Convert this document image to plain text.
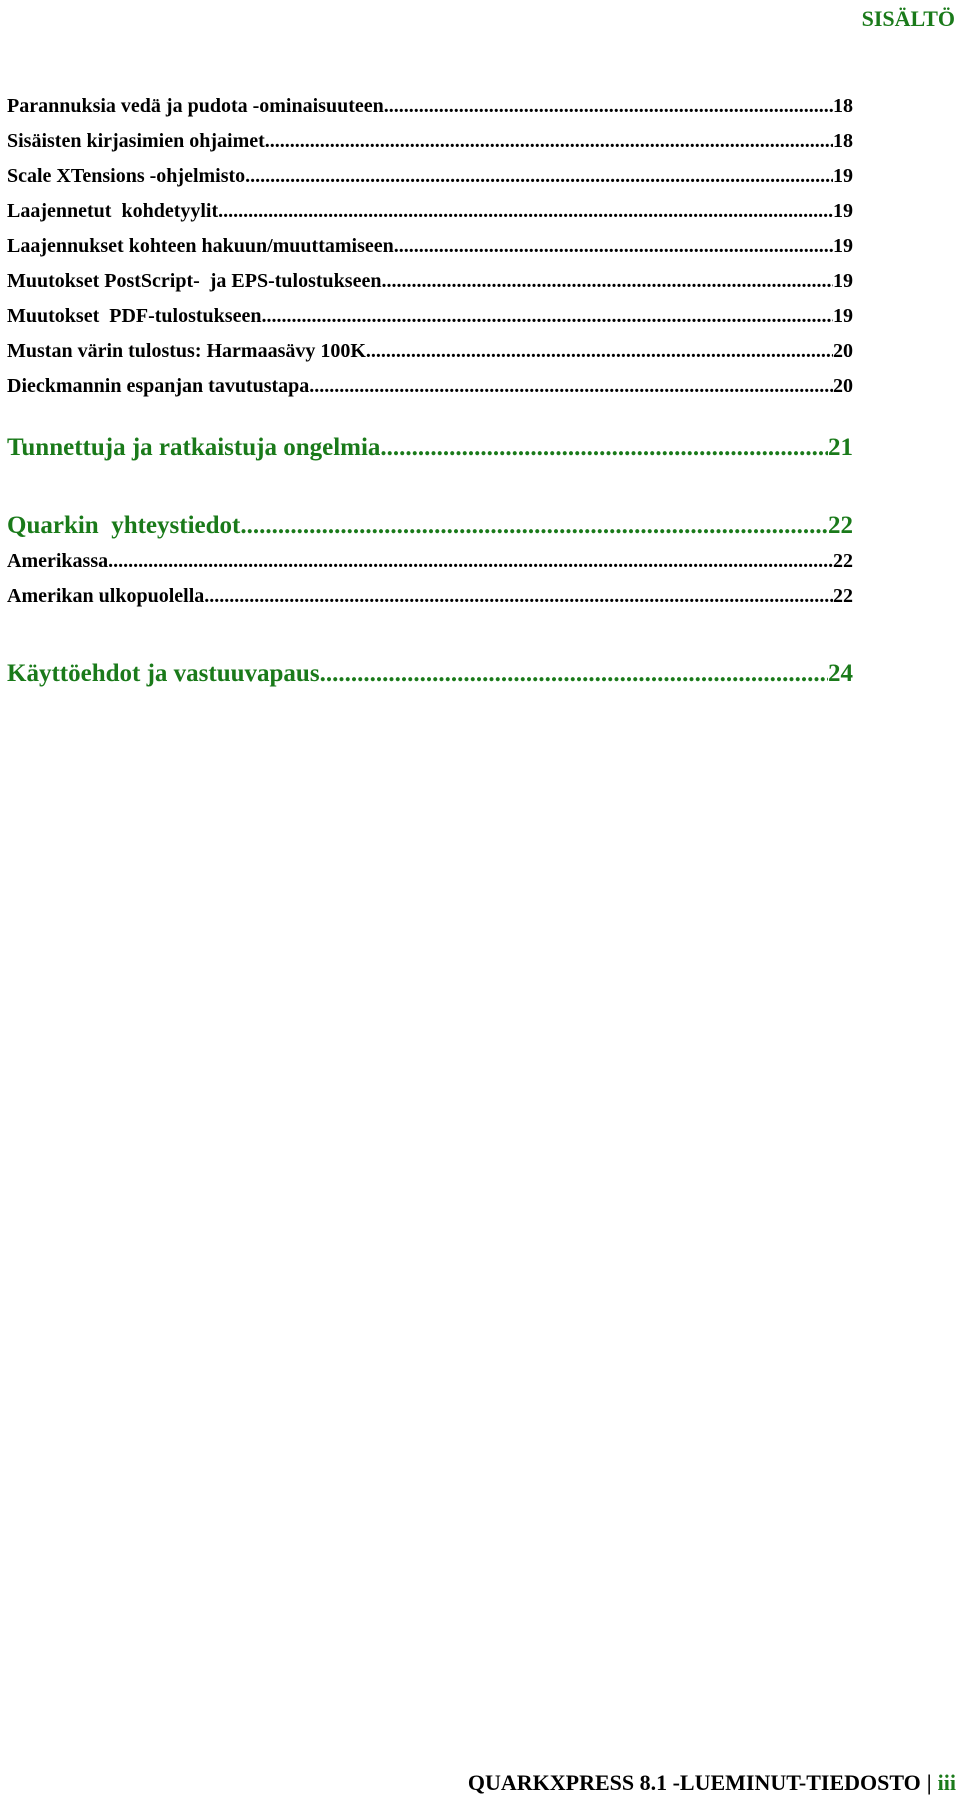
SISÄLTÖ
Parannuksia vedä ja pudota -ominaisuuteen .....	18
Sisäisten kirjasimien ohjaimet .....	18
Scale XTensions -ohjelmisto .....	19
Laajennetut  kohdetyylit .....	19
Laajennukset kohteen hakuun/muuttamiseen .....	19
Muutokset PostScript-  ja EPS-tulostukseen .....	19
Muutokset  PDF-tulostukseen .....	19
Mustan värin tulostus: Harmaasävy 100K .....	20
Dieckmannin espanjan tavutustapa .....	20
Tunnettuja ja ratkaistuja ongelmia .....	21
Quarkin  yhteystiedot .....	22
Amerikassa .....	22
Amerikan ulkopuolella .....	22
Käyttöehdot ja vastuuvapaus .....	24
QUARKXPRESS 8.1 -LUEMINUT-TIEDOSTO | iii
